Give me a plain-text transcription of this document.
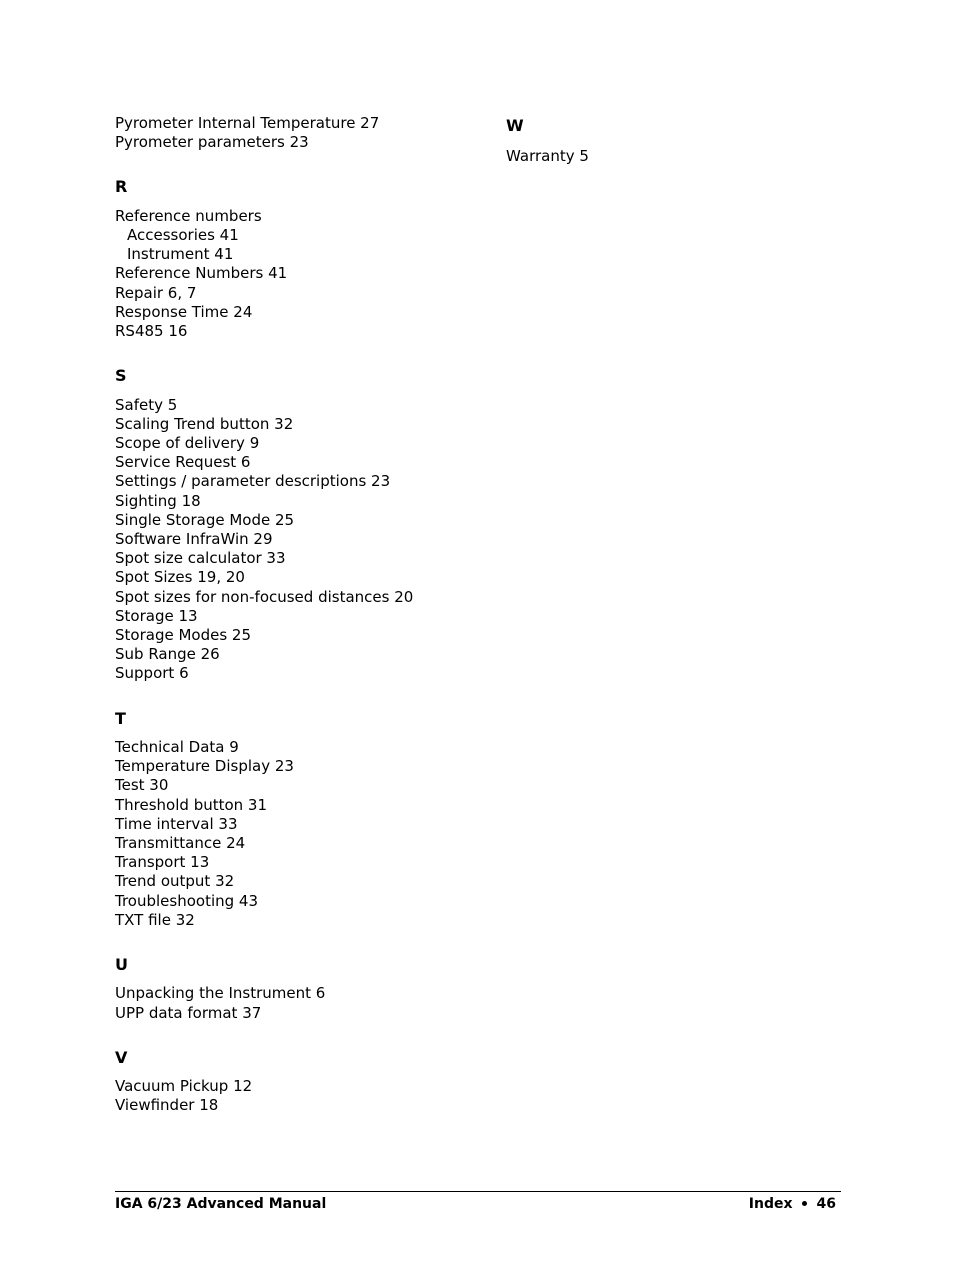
Pyrometer Internal Temperature 27
Pyrometer parameters 23
R
Reference numbers
Accessories 41
Instrument 41
Reference Numbers 41
Repair 6, 7
Response Time 24
RS485 16
S
Safety 5
Scaling Trend button 32
Scope of delivery 9
Service Request 6
Settings / parameter descriptions 23
Sighting 18
Single Storage Mode 25
Software InfraWin 29
Spot size calculator 33
Spot Sizes 19, 20
Spot sizes for non-focused distances 20
Storage 13
Storage Modes 25
Sub Range 26
Support 6
T
Technical Data 9
Temperature Display 23
Test 30
Threshold button 31
Time interval 33
Transmittance 24
Transport 13
Trend output 32
Troubleshooting 43
TXT file 32
U
Unpacking the Instrument 6
UPP data format 37
V
Vacuum Pickup 12
Viewfinder 18
W
Warranty 5
IGA 6/23 Advanced Manual	Index 46
